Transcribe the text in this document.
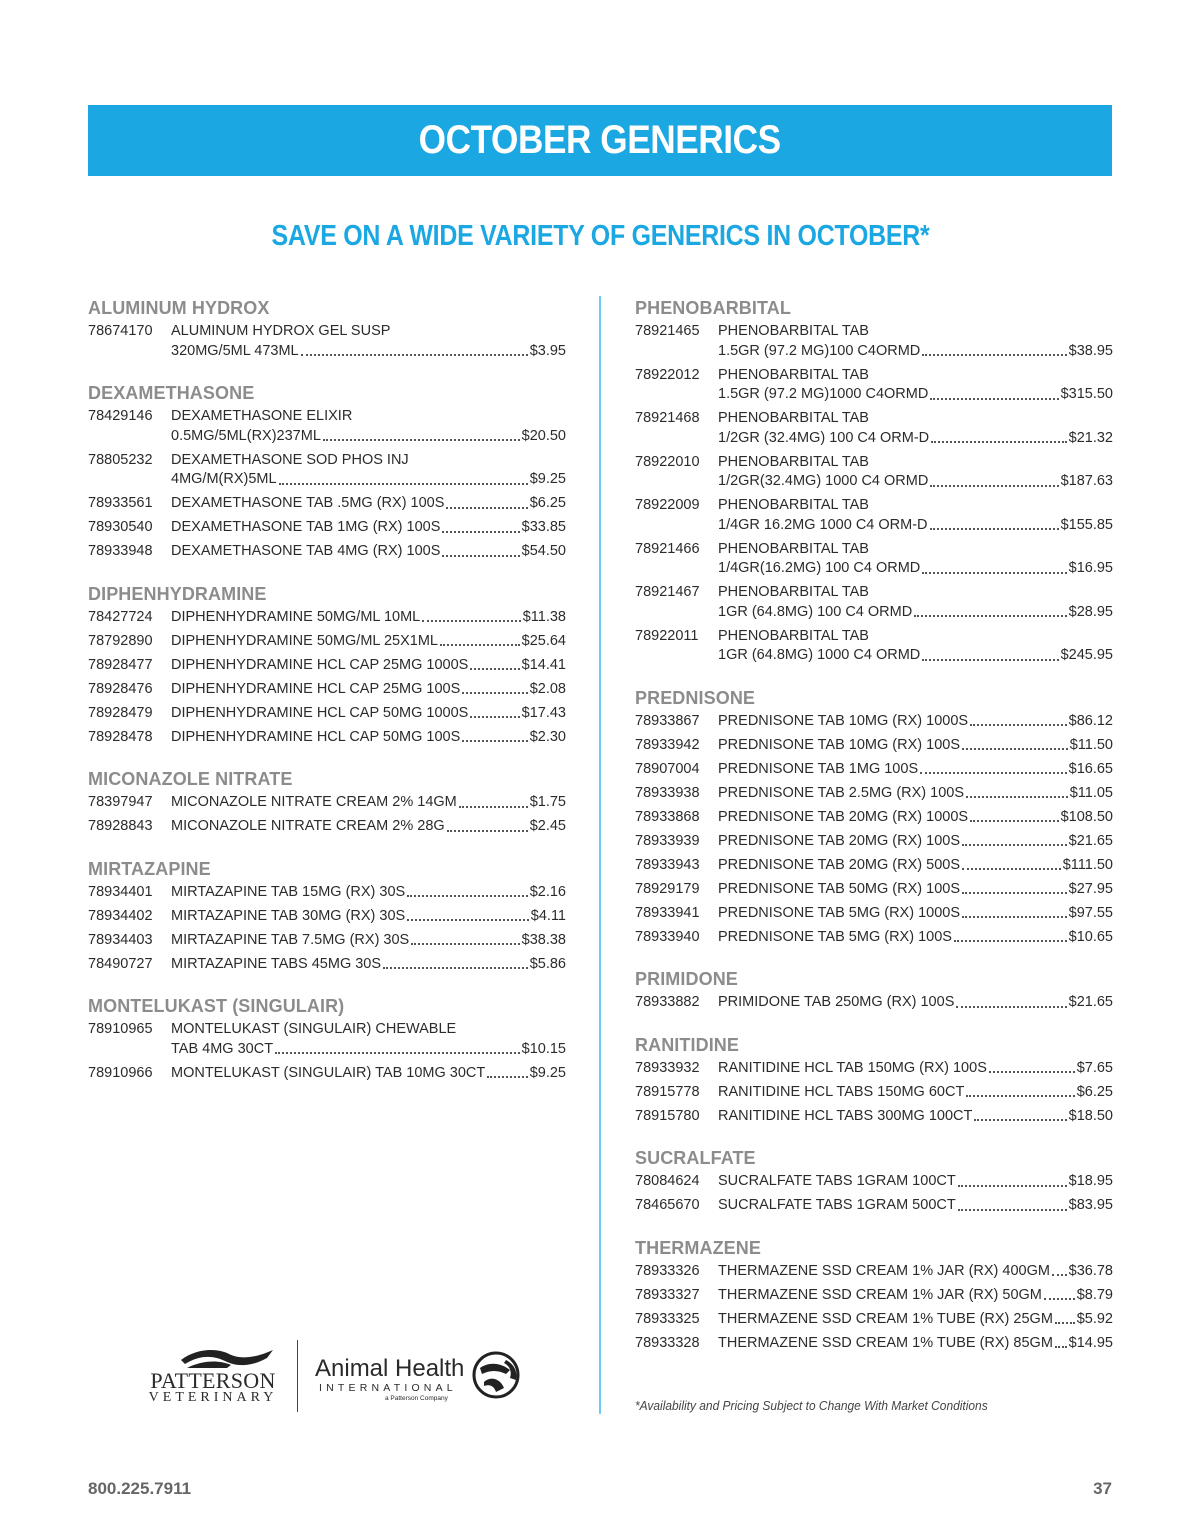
OCTOBER GENERICS
SAVE ON A WIDE VARIETY OF GENERICS IN OCTOBER*
ALUMINUM HYDROX
78674170	ALUMINUM HYDROX GEL SUSP
320MG/5ML 473ML	$3.95
DEXAMETHASONE
78429146	DEXAMETHASONE ELIXIR
0.5MG/5ML(RX)237ML	$20.50
78805232	DEXAMETHASONE SOD PHOS INJ
4MG/M(RX)5ML	$9.25
78933561	DEXAMETHASONE TAB .5MG (RX) 100S	$6.25
78930540	DEXAMETHASONE TAB 1MG (RX) 100S	$33.85
78933948	DEXAMETHASONE TAB 4MG (RX) 100S	$54.50
DIPHENHYDRAMINE
78427724	DIPHENHYDRAMINE 50MG/ML 10ML	$11.38
78792890	DIPHENHYDRAMINE 50MG/ML 25X1ML	$25.64
78928477	DIPHENHYDRAMINE HCL CAP 25MG 1000S	$14.41
78928476	DIPHENHYDRAMINE HCL CAP 25MG 100S	$2.08
78928479	DIPHENHYDRAMINE HCL CAP 50MG 1000S	$17.43
78928478	DIPHENHYDRAMINE HCL CAP 50MG 100S	$2.30
MICONAZOLE NITRATE
78397947	MICONAZOLE NITRATE CREAM 2% 14GM	$1.75
78928843	MICONAZOLE NITRATE CREAM 2% 28G	$2.45
MIRTAZAPINE
78934401	MIRTAZAPINE TAB 15MG (RX) 30S	$2.16
78934402	MIRTAZAPINE TAB 30MG (RX) 30S	$4.11
78934403	MIRTAZAPINE TAB 7.5MG (RX) 30S	$38.38
78490727	MIRTAZAPINE TABS 45MG 30S	$5.86
MONTELUKAST (SINGULAIR)
78910965	MONTELUKAST (SINGULAIR) CHEWABLE
TAB 4MG 30CT	$10.15
78910966	MONTELUKAST (SINGULAIR) TAB 10MG 30CT	$9.25
PHENOBARBITAL
78921465	PHENOBARBITAL TAB
1.5GR (97.2 MG)100 C4ORMD	$38.95
78922012	PHENOBARBITAL TAB
1.5GR (97.2 MG)1000 C4ORMD	$315.50
78921468	PHENOBARBITAL TAB
1/2GR (32.4MG) 100 C4 ORM-D	$21.32
78922010	PHENOBARBITAL TAB
1/2GR(32.4MG) 1000 C4 ORMD	$187.63
78922009	PHENOBARBITAL TAB
1/4GR 16.2MG 1000 C4 ORM-D	$155.85
78921466	PHENOBARBITAL TAB
1/4GR(16.2MG) 100 C4 ORMD	$16.95
78921467	PHENOBARBITAL TAB
1GR (64.8MG) 100 C4 ORMD	$28.95
78922011	PHENOBARBITAL TAB
1GR (64.8MG) 1000 C4 ORMD	$245.95
PREDNISONE
78933867	PREDNISONE TAB 10MG (RX) 1000S	$86.12
78933942	PREDNISONE TAB 10MG (RX) 100S	$11.50
78907004	PREDNISONE TAB 1MG 100S	$16.65
78933938	PREDNISONE TAB 2.5MG (RX) 100S	$11.05
78933868	PREDNISONE TAB 20MG (RX) 1000S	$108.50
78933939	PREDNISONE TAB 20MG (RX) 100S	$21.65
78933943	PREDNISONE TAB 20MG (RX) 500S	$111.50
78929179	PREDNISONE TAB 50MG (RX) 100S	$27.95
78933941	PREDNISONE TAB 5MG (RX) 1000S	$97.55
78933940	PREDNISONE TAB 5MG (RX) 100S	$10.65
PRIMIDONE
78933882	PRIMIDONE TAB 250MG (RX) 100S	$21.65
RANITIDINE
78933932	RANITIDINE HCL TAB 150MG (RX) 100S	$7.65
78915778	RANITIDINE HCL TABS 150MG 60CT	$6.25
78915780	RANITIDINE HCL TABS 300MG 100CT	$18.50
SUCRALFATE
78084624	SUCRALFATE TABS 1GRAM 100CT	$18.95
78465670	SUCRALFATE TABS 1GRAM 500CT	$83.95
THERMAZENE
78933326	THERMAZENE SSD CREAM 1% JAR (RX) 400GM $36.78
78933327	THERMAZENE SSD CREAM 1% JAR (RX) 50GM $8.79
78933325	THERMAZENE SSD CREAM 1% TUBE (RX) 25GM $5.92
78933328	THERMAZENE SSD CREAM 1% TUBE (RX) 85GM $14.95
PATTERSON
VETERINARY
Animal Health
INTERNATIONAL
a Patterson Company	*Availability and Pricing Subject to Change With Market Conditions
800.225.7911	37
